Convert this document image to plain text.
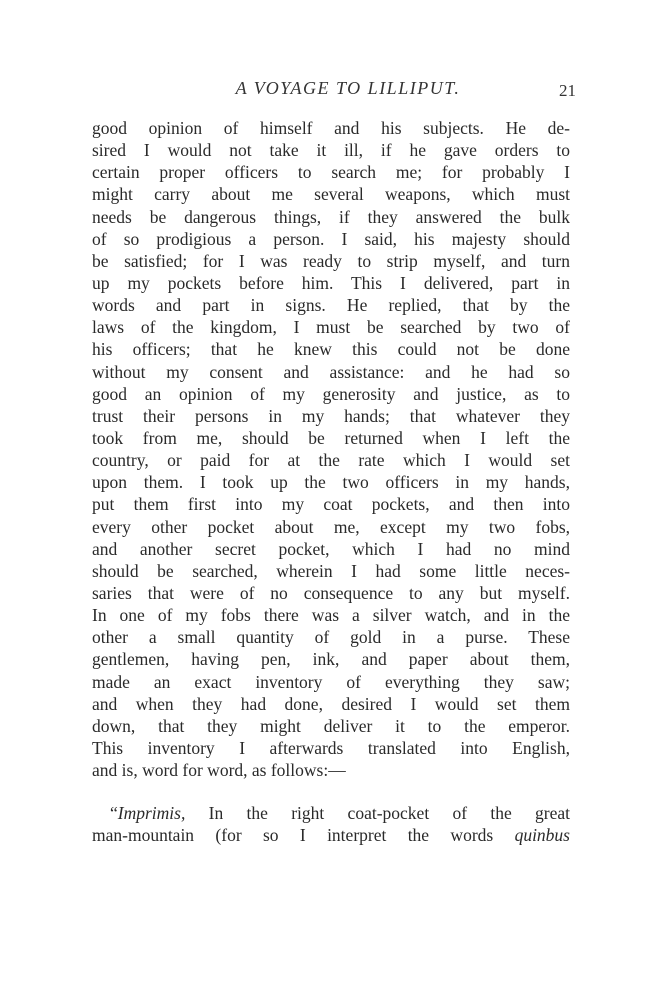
A VOYAGE TO LILLIPUT.	21
good opinion of himself and his subjects. He de-
sired I would not take it ill, if he gave orders to
certain proper officers to search me; for probably I
might carry about me several weapons, which must
needs be dangerous things, if they answered the bulk
of so prodigious a person. I said, his majesty should
be satisfied; for I was ready to strip myself, and turn
up my pockets before him. This I delivered, part in
words and part in signs. He replied, that by the
laws of the kingdom, I must be searched by two of
his officers; that he knew this could not be done
without my consent and assistance: and he had so
good an opinion of my generosity and justice, as to
trust their persons in my hands; that whatever they
took from me, should be returned when I left the
country, or paid for at the rate which I would set
upon them. I took up the two officers in my hands,
put them first into my coat pockets, and then into
every other pocket about me, except my two fobs,
and another secret pocket, which I had no mind
should be searched, wherein I had some little neces-
saries that were of no consequence to any but myself.
In one of my fobs there was a silver watch, and in the
other a small quantity of gold in a purse. These
gentlemen, having pen, ink, and paper about them,
made an exact inventory of everything they saw;
and when they had done, desired I would set them
down, that they might deliver it to the emperor.
This inventory I afterwards translated into English,
and is, word for word, as follows:—
“Imprimis, In the right coat-pocket of the great
man-mountain (for so I interpret the words quinbus
